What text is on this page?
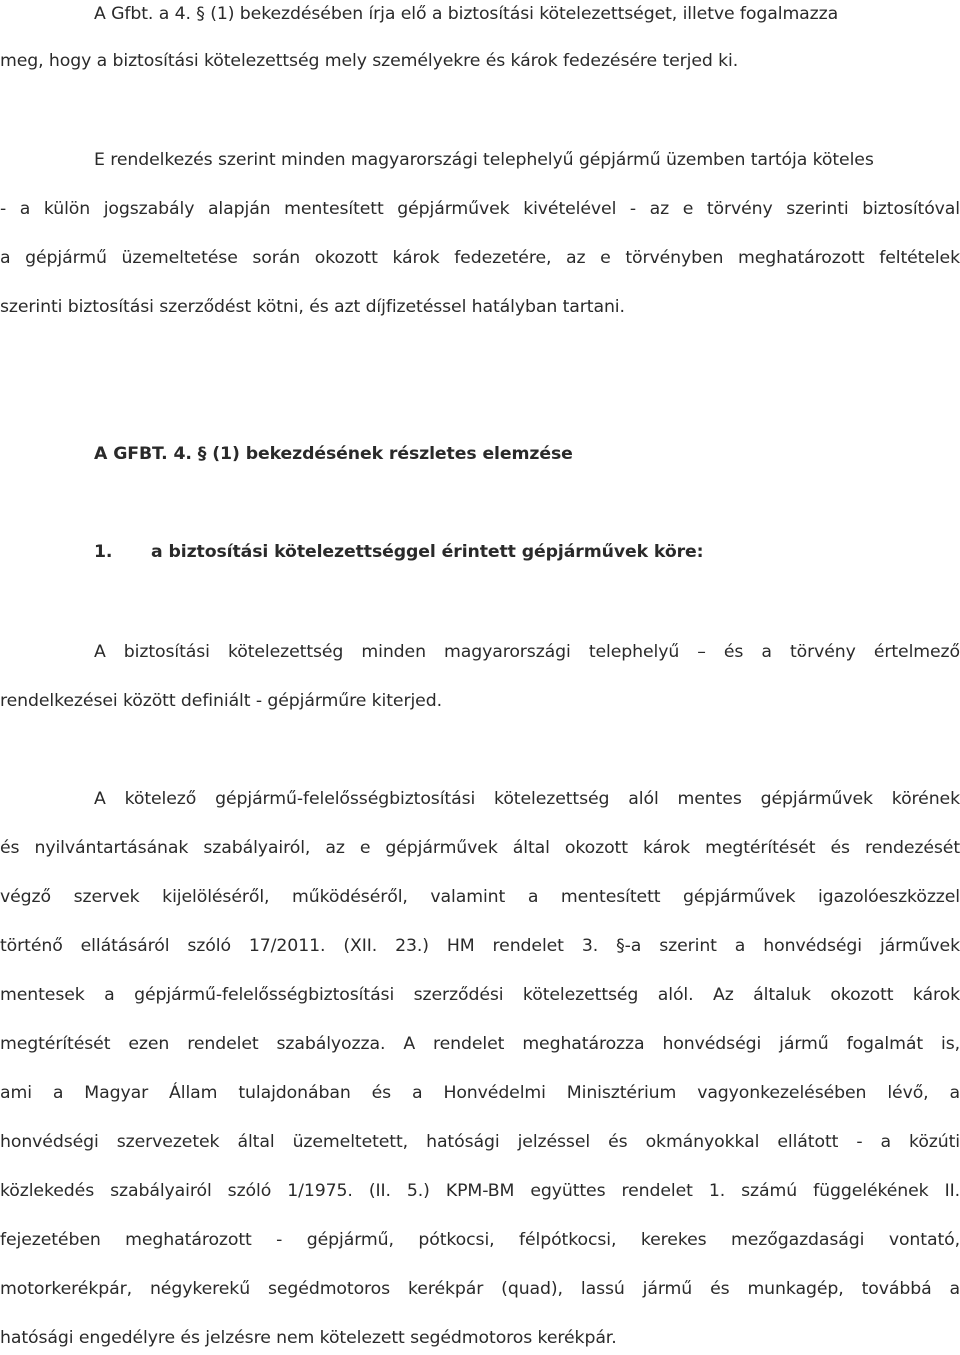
A Gfbt. a 4. § (1) bekezdésében írja elő a biztosítási kötelezettséget, illetve fogalmazza
meg, hogy a biztosítási kötelezettség mely személyekre és károk fedezésére terjed ki.
E rendelkezés szerint minden magyarországi telephelyű gépjármű üzemben tartója köteles
- a külön jogszabály alapján mentesített gépjárművek kivételével - az e törvény szerinti biztosítóval
a gépjármű üzemeltetése során okozott károk fedezetére, az e törvényben meghatározott feltételek
szerinti biztosítási szerződést kötni, és azt díjfizetéssel hatályban tartani.
A GFBT. 4. § (1) bekezdésének részletes elemzése
1.	a biztosítási kötelezettséggel érintett gépjárművek köre:
A biztosítási kötelezettség minden magyarországi telephelyű – és a törvény értelmező
rendelkezései között definiált - gépjárműre kiterjed.
A kötelező gépjármű-felelősségbiztosítási kötelezettség alól mentes gépjárművek körének
és nyilvántartásának szabályairól, az e gépjárművek által okozott károk megtérítését és rendezését
végző szervek kijelöléséről, működéséről, valamint a mentesített gépjárművek igazolóeszközzel
történő ellátásáról szóló 17/2011. (XII. 23.) HM rendelet 3. §-a szerint a honvédségi járművek
mentesek a gépjármű-felelősségbiztosítási szerződési kötelezettség alól. Az általuk okozott károk
megtérítését ezen rendelet szabályozza. A rendelet meghatározza honvédségi jármű fogalmát is,
ami a Magyar Állam tulajdonában és a Honvédelmi Minisztérium vagyonkezelésében lévő, a
honvédségi szervezetek által üzemeltetett, hatósági jelzéssel és okmányokkal ellátott - a közúti
közlekedés szabályairól szóló 1/1975. (II. 5.) KPM-BM együttes rendelet 1. számú függelékének II.
fejezetében meghatározott - gépjármű, pótkocsi, félpótkocsi, kerekes mezőgazdasági vontató,
motorkerékpár, négykerekű segédmotoros kerékpár (quad), lassú jármű és munkagép, továbbá a
hatósági engedélyre és jelzésre nem kötelezett segédmotoros kerékpár.
